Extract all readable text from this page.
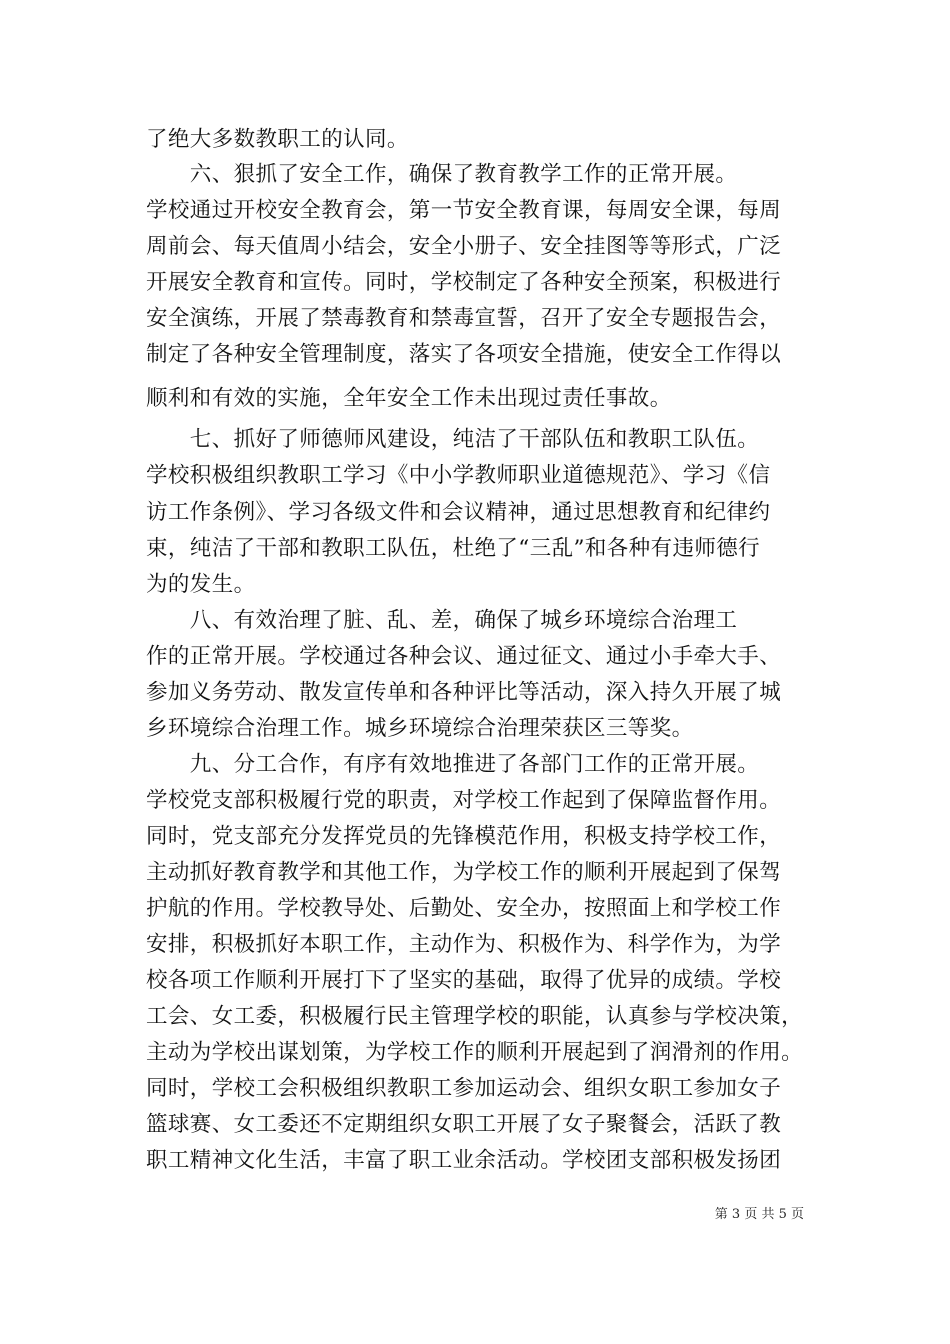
了绝大多数教职工的认同。
　　六、狠抓了安全工作，确保了教育教学工作的正常开展。
学校通过开校安全教育会，第一节安全教育课，每周安全课，每周
周前会、每天值周小结会，安全小册子、安全挂图等等形式，广泛
开展安全教育和宣传。同时，学校制定了各种安全预案，积极进行
安全演练，开展了禁毒教育和禁毒宣誓，召开了安全专题报告会，
制定了各种安全管理制度，落实了各项安全措施，使安全工作得以
顺利和有效的实施，全年安全工作未出现过责任事故。
　　七、抓好了师德师风建设，纯洁了干部队伍和教职工队伍。
学校积极组织教职工学习《中小学教师职业道德规范》、学习《信
访工作条例》、学习各级文件和会议精神，通过思想教育和纪律约
束，纯洁了干部和教职工队伍，杜绝了“三乱”和各种有违师德行
为的发生。
　　八、有效治理了脏、乱、差，确保了城乡环境综合治理工
作的正常开展。学校通过各种会议、通过征文、通过小手牵大手、
参加义务劳动、散发宣传单和各种评比等活动，深入持久开展了城
乡环境综合治理工作。城乡环境综合治理荣获区三等奖。
　　九、分工合作，有序有效地推进了各部门工作的正常开展。
学校党支部积极履行党的职责，对学校工作起到了保障监督作用。
同时，党支部充分发挥党员的先锋模范作用，积极支持学校工作，
主动抓好教育教学和其他工作，为学校工作的顺利开展起到了保驾
护航的作用。学校教导处、后勤处、安全办，按照面上和学校工作
安排，积极抓好本职工作，主动作为、积极作为、科学作为，为学
校各项工作顺利开展打下了坚实的基础，取得了优异的成绩。学校
工会、女工委，积极履行民主管理学校的职能，认真参与学校决策，
主动为学校出谋划策，为学校工作的顺利开展起到了润滑剂的作用。
同时，学校工会积极组织教职工参加运动会、组织女职工参加女子
篮球赛、女工委还不定期组织女职工开展了女子聚餐会，活跃了教
职工精神文化生活，丰富了职工业余活动。学校团支部积极发扬团
第 3 页 共 5 页
